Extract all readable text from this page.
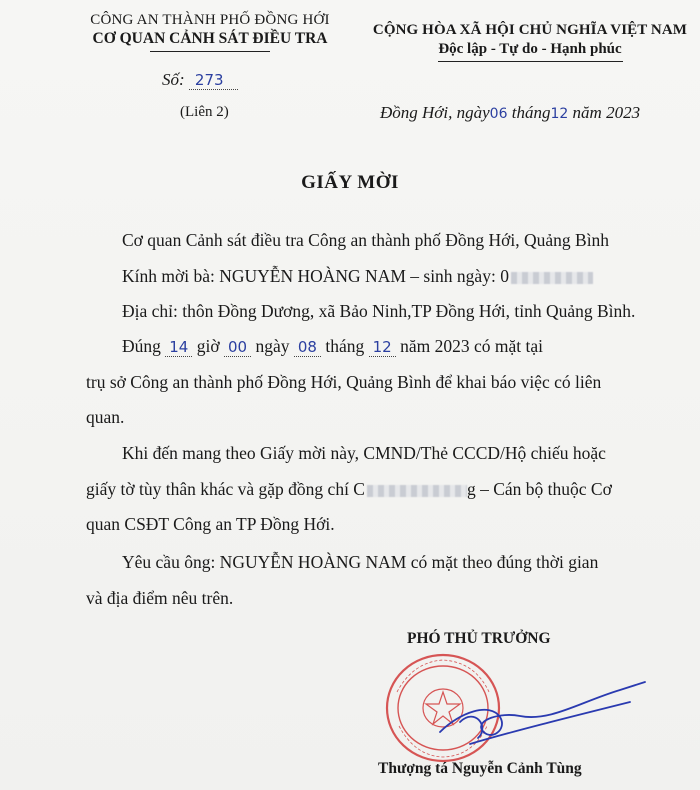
CÔNG AN THÀNH PHỐ ĐỒNG HỚI
CƠ QUAN CẢNH SÁT ĐIỀU TRA
Số: 273
(Liên 2)
CỘNG HÒA XÃ HỘI CHỦ NGHĨA VIỆT NAM
Độc lập - Tự do - Hạnh phúc
Đồng Hới, ngày06 tháng12 năm 2023
GIẤY MỜI
Cơ quan Cảnh sát điều tra Công an thành phố Đồng Hới, Quảng Bình
Kính mời bà: NGUYỄN HOÀNG NAM – sinh ngày: 0
Địa chỉ: thôn Đồng Dương, xã Bảo Ninh,TP Đồng Hới, tỉnh Quảng Bình.
Đúng 14 giờ 00 ngày 08 tháng 12 năm 2023 có mặt tại
trụ sở Công an thành phố Đồng Hới, Quảng Bình để khai báo việc có liên
quan.
Khi đến mang theo Giấy mời này, CMND/Thẻ CCCD/Hộ chiếu hoặc
giấy tờ tùy thân khác và gặp đồng chí C	g – Cán bộ thuộc Cơ
quan CSĐT Công an TP Đồng Hới.
Yêu cầu ông: NGUYỄN HOÀNG NAM có mặt theo đúng thời gian
và địa điểm nêu trên.
PHÓ THỦ TRƯỞNG
Thượng tá Nguyễn Cảnh Tùng
